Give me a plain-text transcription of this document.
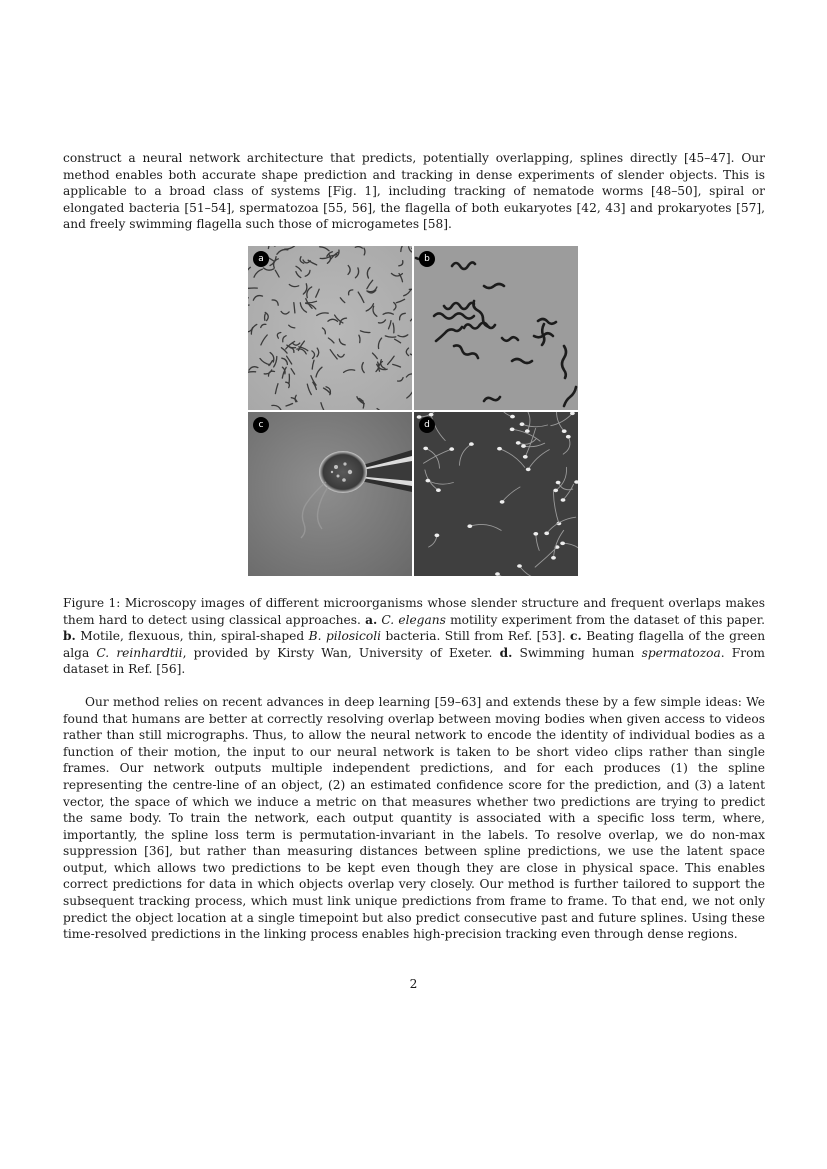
construct a neural network architecture that predicts, potentially overlapping, splines directly [45–47]. Our method enables both accurate shape prediction and tracking in dense experiments of slender objects. This is applicable to a broad class of systems [Fig. 1], including tracking of nematode worms [48–50], spiral or elongated bacteria [51–54], spermatozoa [55, 56], the flagella of both eukaryotes [42, 43] and prokaryotes [57], and freely swimming flagella such those of microgametes [58].

a	b
c	d

Figure 1: Microscopy images of different microorganisms whose slender structure and frequent overlaps makes them hard to detect using classical approaches. a. C. elegans motility experiment from the dataset of this paper. b. Motile, flexuous, thin, spiral-shaped B. pilosicoli bacteria. Still from Ref. [53]. c. Beating flagella of the green alga C. reinhardtii, provided by Kirsty Wan, University of Exeter. d. Swimming human spermatozoa. From dataset in Ref. [56].

Our method relies on recent advances in deep learning [59–63] and extends these by a few simple ideas: We found that humans are better at correctly resolving overlap between moving bodies when given access to videos rather than still micrographs. Thus, to allow the neural network to encode the identity of individual bodies as a function of their motion, the input to our neural network is taken to be short video clips rather than single frames. Our network outputs multiple independent predictions, and for each produces (1) the spline representing the centre-line of an object, (2) an estimated confidence score for the prediction, and (3) a latent vector, the space of which we induce a metric on that measures whether two predictions are trying to predict the same body. To train the network, each output quantity is associated with a specific loss term, where, importantly, the spline loss term is permutation-invariant in the labels. To resolve overlap, we do non-max suppression [36], but rather than measuring distances between spline predictions, we use the latent space output, which allows two predictions to be kept even though they are close in physical space. This enables correct predictions for data in which objects overlap very closely. Our method is further tailored to support the subsequent tracking process, which must link unique predictions from frame to frame. To that end, we not only predict the object location at a single timepoint but also predict consecutive past and future splines. Using these time-resolved predictions in the linking process enables high-precision tracking even through dense regions.

2
